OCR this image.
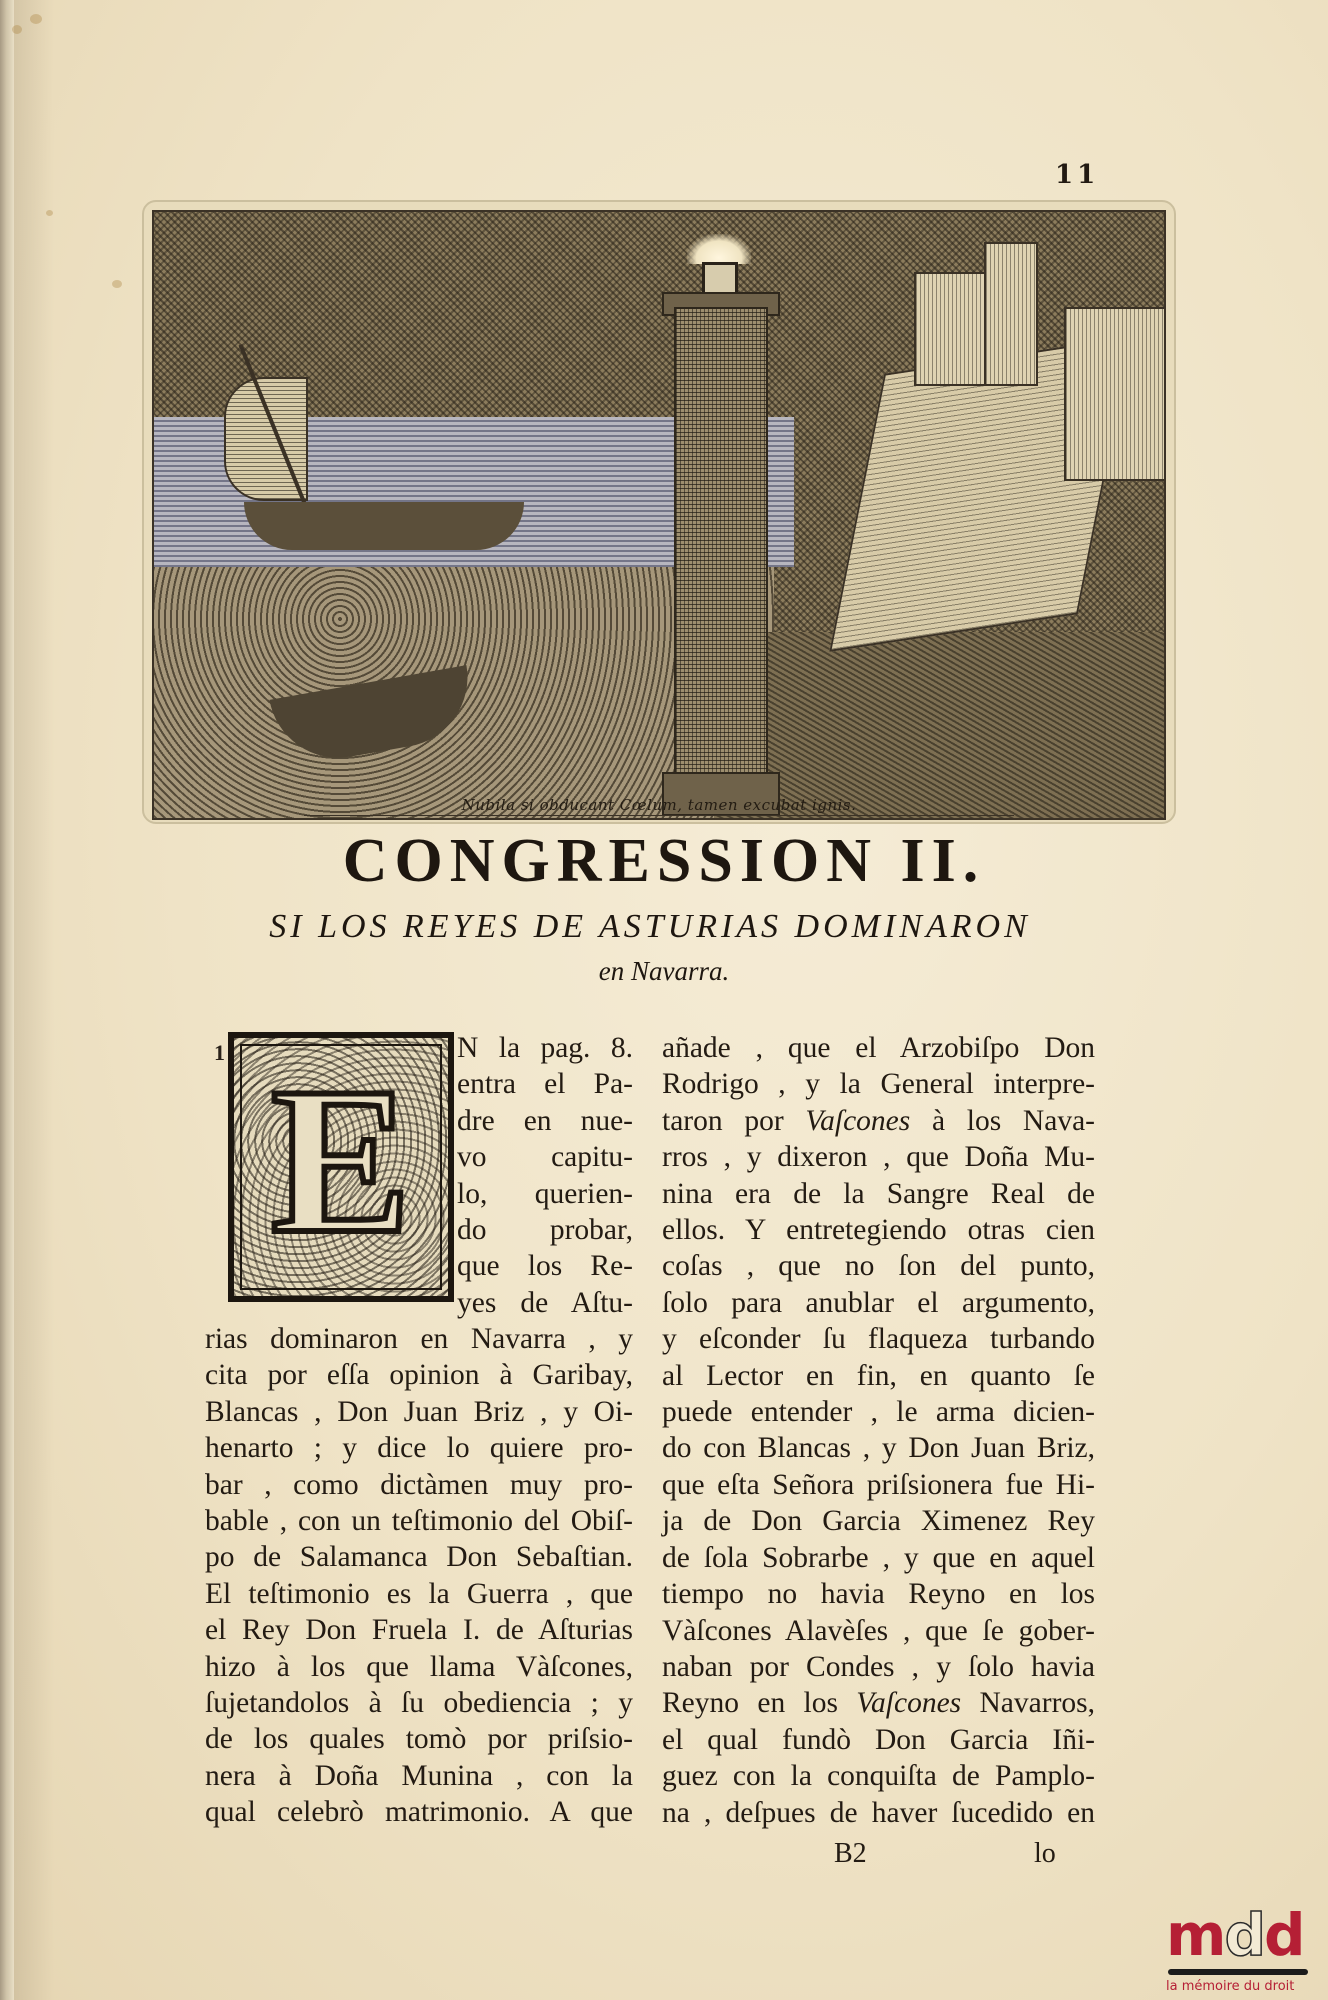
11
Nubila si obducant Cœlum, tamen excubat ignis.
CONGRESSION II.
SI LOS REYES DE ASTURIAS DOMINARON
en Navarra.
1 E	N la pag. 8.
entra el Pa-
dre en nue-
vo capitu-
lo, querien-
do probar,
que los Re-
yes de Aſtu-
rias dominaron en Navarra , y
cita por eſſa opinion à Garibay,
Blancas , Don Juan Briz , y Oi-
henarto ; y dice lo quiere pro-
bar , como dictàmen muy pro-
bable , con un teſtimonio del Obiſ-
po de Salamanca Don Sebaſtian.
El teſtimonio es la Guerra , que
el Rey Don Fruela I. de Aſturias
hizo à los que llama Vàſcones,
ſujetandolos à ſu obediencia ; y
de los quales tomò por priſsio-
nera à Doña Munina , con la
qual celebrò matrimonio. A que
añade , que el Arzobiſpo Don
Rodrigo , y la General interpre-
taron por Vaſcones à los Nava-
rros , y dixeron , que Doña Mu-
nina era de la Sangre Real de
ellos. Y entretegiendo otras cien
coſas , que no ſon del punto,
ſolo para anublar el argumento,
y eſconder ſu flaqueza turbando
al Lector en fin, en quanto ſe
puede entender , le arma dicien-
do con Blancas , y Don Juan Briz,
que eſta Señora priſsionera fue Hi-
ja de Don Garcia Ximenez Rey
de ſola Sobrarbe , y que en aquel
tiempo no havia Reyno en los
Vàſcones Alavèſes , que ſe gober-
naban por Condes , y ſolo havia
Reyno en los Vaſcones Navarros,
el qual fundò Don Garcia Iñi-
guez con la conquiſta de Pamplo-
na , deſpues de haver ſucedido en
B2	lo
mdd
la mémoire du droit
